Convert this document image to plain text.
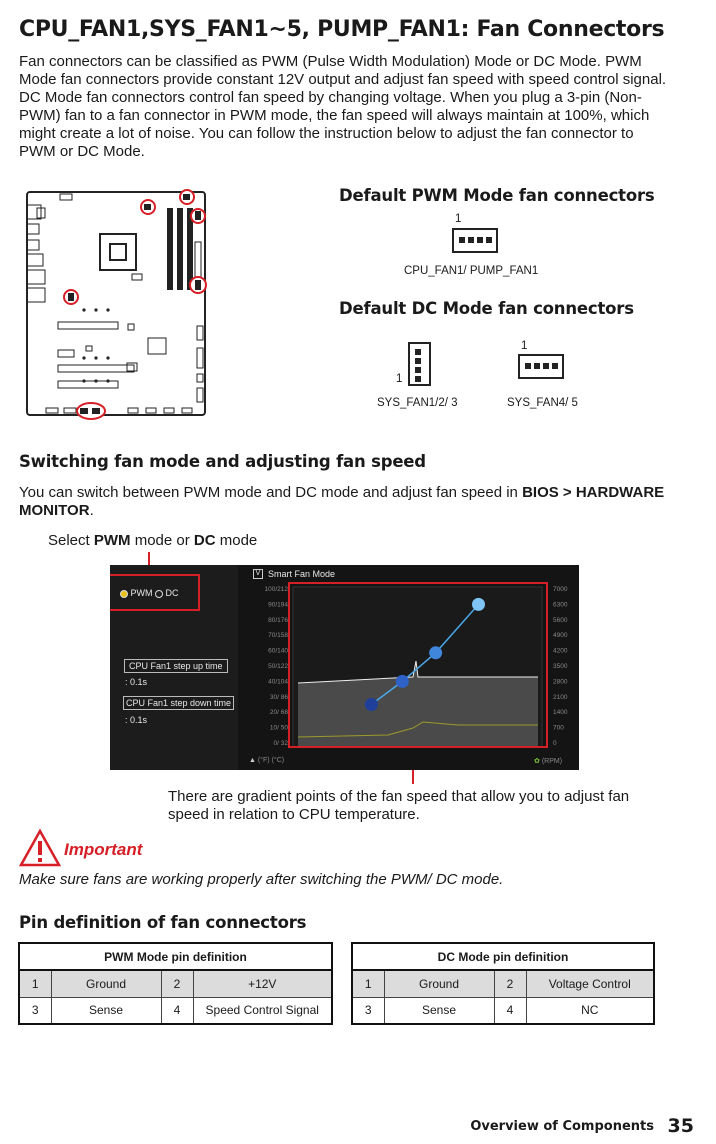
CPU_FAN1,SYS_FAN1~5, PUMP_FAN1: Fan Connectors
Fan connectors can be classified as PWM (Pulse Width Modulation) Mode or DC Mode. PWM Mode fan connectors provide constant 12V output and adjust fan speed with speed control signal. DC Mode fan connectors control fan speed by changing voltage. When you plug a 3-pin (Non-PWM) fan to a fan connector in PWM mode, the fan speed will always maintain at 100%, which might create a lot of noise. You can follow the instruction below to adjust the fan connector to PWM or DC Mode.
Default PWM Mode fan connectors
1
CPU_FAN1/ PUMP_FAN1
Default DC Mode fan connectors
1
SYS_FAN1/2/ 3
1
SYS_FAN4/ 5
Switching fan mode and adjusting fan speed
You can switch between PWM mode and DC mode and adjust fan speed in BIOS > HARDWARE MONITOR.
Select PWM mode or DC mode
PWM DC
CPU Fan1 step up time
: 0.1s
CPU Fan1 step down time
: 0.1s
V Smart Fan Mode
100/212
90/194
80/176
70/158
60/140
50/122
40/104
30/ 86
20/ 68
10/ 50
0/ 32
7000
6300
5600
4900
4200
3500
2800
2100
1400
700
0
▲ (°F) (°C)	✿ (RPM)
There are gradient points of the fan speed that allow you to adjust fan speed in relation to CPU temperature.
Important
Make sure fans are working properly after switching the PWM/ DC mode.
Pin definition of fan connectors
PWM Mode pin definition			
1	Ground	2	+12V
3	Sense	4	Speed Control Signal
DC Mode pin definition			
1	Ground	2	Voltage Control
3	Sense	4	NC
Overview of Components 35
